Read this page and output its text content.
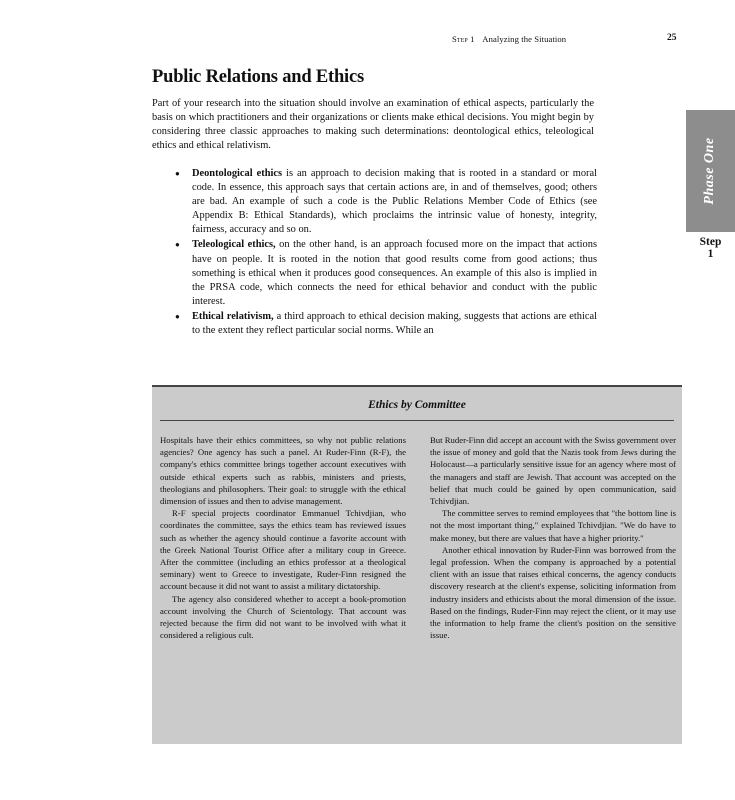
Step 1 Analyzing the Situation	25
Public Relations and Ethics

Part of your research into the situation should involve an examination of ethical aspects, particularly the basis on which practitioners and their organizations or clients make ethical decisions. You might begin by considering three classic approaches to making such determinations: deontological ethics, teleological ethics and ethical relativism.

● Deontological ethics is an approach to decision making that is rooted in a standard or moral code. In essence, this approach says that certain actions are, in and of themselves, good; others are bad. An example of such a code is the Public Relations Member Code of Ethics (see Appendix B: Ethical Standards), which proclaims the intrinsic value of honesty, integrity, fairness, accuracy and so on.
● Teleological ethics, on the other hand, is an approach focused more on the impact that actions have on people. It is rooted in the notion that good results come from good actions; thus something is ethical when it produces good consequences. An example of this also is implied in the PRSA code, which connects the need for ethical behavior and conduct with the public interest.
● Ethical relativism, a third approach to ethical decision making, suggests that actions are ethical to the extent they reflect particular social norms. While an
Phase One
Step
1
Ethics by Committee

Hospitals have their ethics committees, so why not public relations agencies? One agency has such a panel. At Ruder-Finn (R-F), the company's ethics committee brings together account executives with outside ethical experts such as rabbis, ministers and priests, theologians and philosophers. Their goal: to struggle with the ethical dimension of issues and then to advise management.

R-F special projects coordinator Emmanuel Tchivdjian, who coordinates the committee, says the ethics team has reviewed issues such as whether the agency should continue a favorite account with the Greek National Tourist Office after a military coup in Greece. After the committee (including an ethics professor at a theological seminary) went to Greece to investigate, Ruder-Finn resigned the account because it did not want to assist a military dictatorship.

The agency also considered whether to accept a book-promotion account involving the Church of Scientology. That account was rejected because the firm did not want to be involved with what it considered a religious cult.

But Ruder-Finn did accept an account with the Swiss government over the issue of money and gold that the Nazis took from Jews during the Holocaust—a particularly sensitive issue for an agency where most of the managers and staff are Jewish. That account was accepted on the belief that much could be gained by open communication, said Tchivdjian.

The committee serves to remind employees that "the bottom line is not the most important thing," explained Tchivdjian. "We do have to make money, but there are values that have a higher priority."

Another ethical innovation by Ruder-Finn was borrowed from the legal profession. When the company is approached by a potential client with an issue that raises ethical concerns, the agency conducts discovery research at the client's expense, soliciting information from industry insiders and ethicists about the moral dimension of the issue. Based on the findings, Ruder-Finn may reject the client, or it may use the information to help frame the client's position on the sensitive issue.
